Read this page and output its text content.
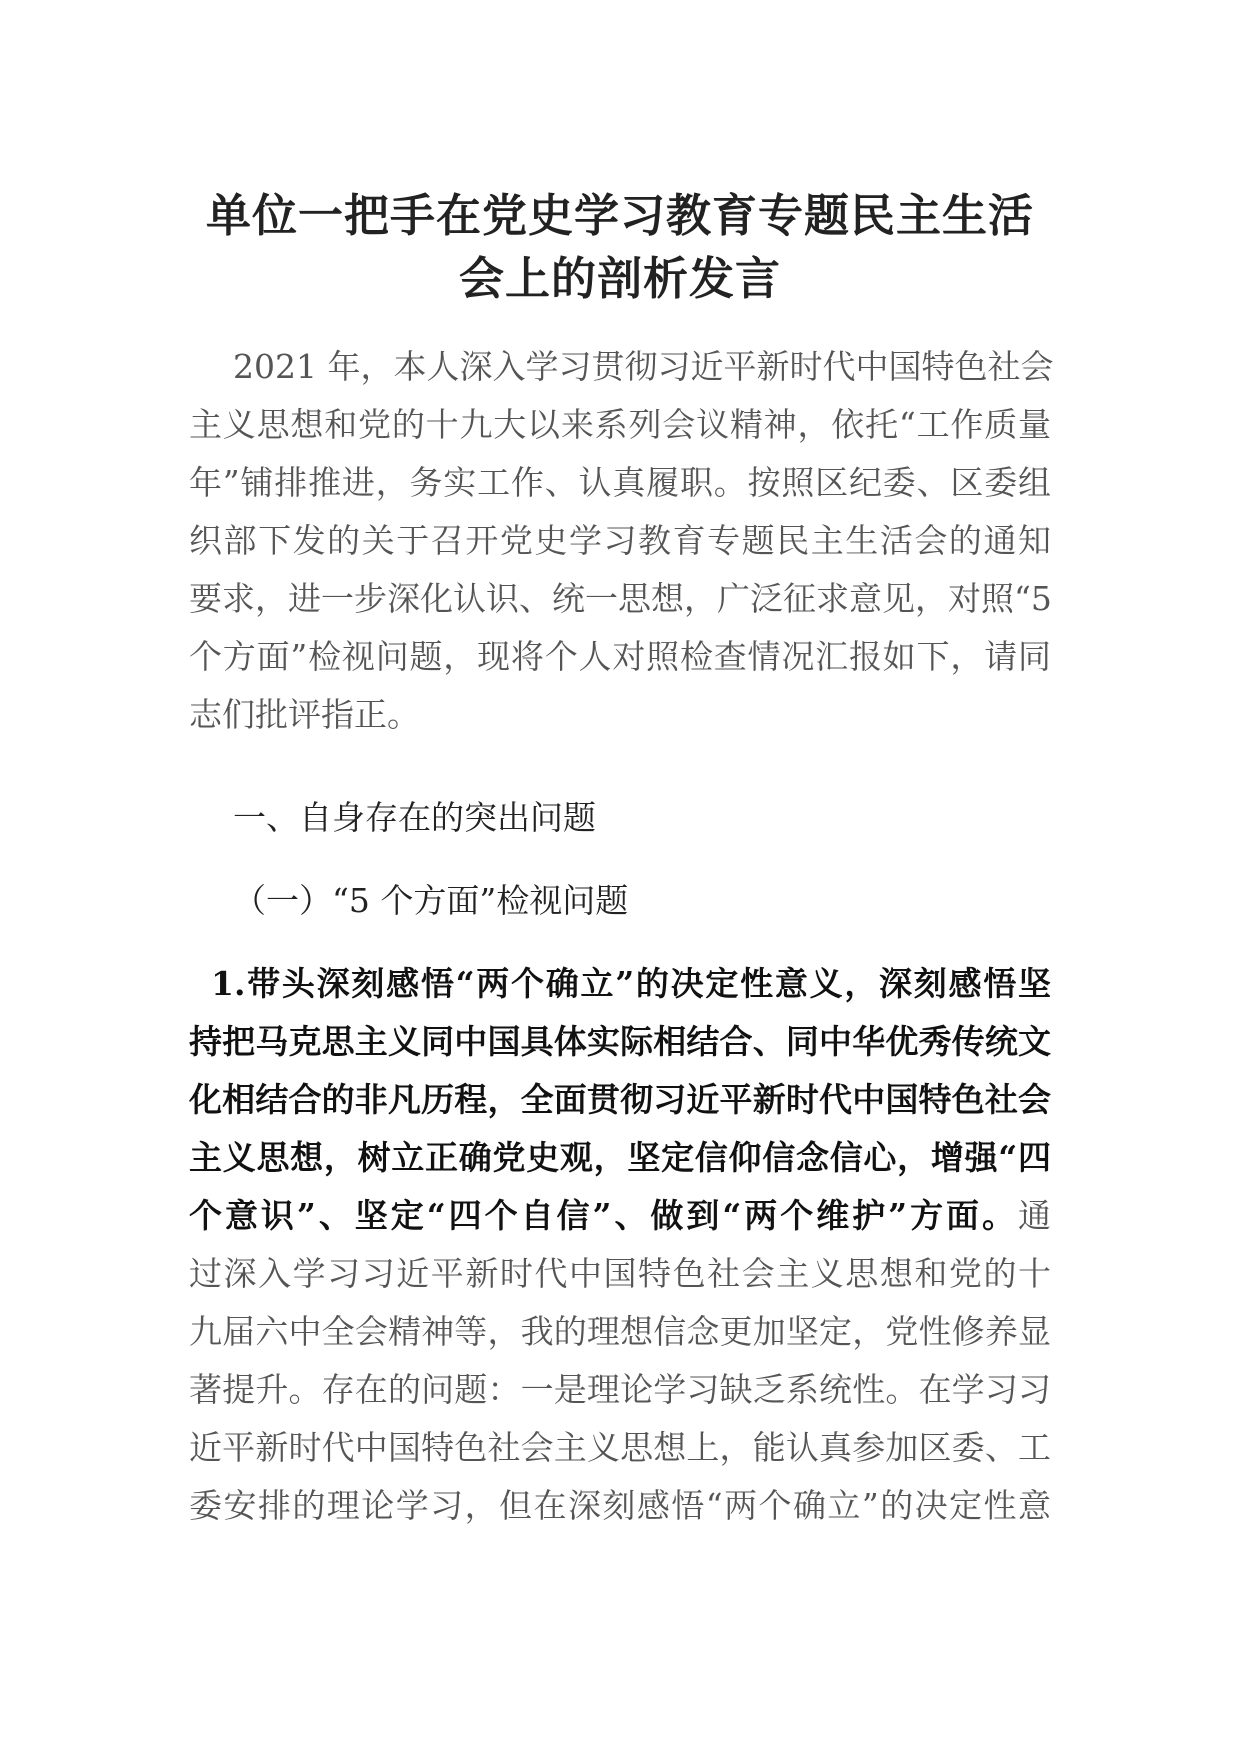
单位一把手在党史学习教育专题民主生活
会上的剖析发言

2021 年，本人深入学习贯彻习近平新时代中国特色社会

主义思想和党的十九大以来系列会议精神，依托“工作质量

年”铺排推进，务实工作、认真履职。按照区纪委、区委组

织部下发的关于召开党史学习教育专题民主生活会的通知

要求，进一步深化认识、统一思想，广泛征求意见，对照“5

个方面”检视问题，现将个人对照检查情况汇报如下，请同

志们批评指正。

一、自身存在的突出问题

（一）“5 个方面”检视问题

1.带头深刻感悟“两个确立”的决定性意义，深刻感悟坚

持把马克思主义同中国具体实际相结合、同中华优秀传统文

化相结合的非凡历程，全面贯彻习近平新时代中国特色社会

主义思想，树立正确党史观，坚定信仰信念信心，增强“四

个意识”、坚定“四个自信”、做到“两个维护”方面。通

过深入学习习近平新时代中国特色社会主义思想和党的十

九届六中全会精神等，我的理想信念更加坚定，党性修养显

著提升。存在的问题：一是理论学习缺乏系统性。在学习习

近平新时代中国特色社会主义思想上，能认真参加区委、工

委安排的理论学习，但在深刻感悟“两个确立”的决定性意
